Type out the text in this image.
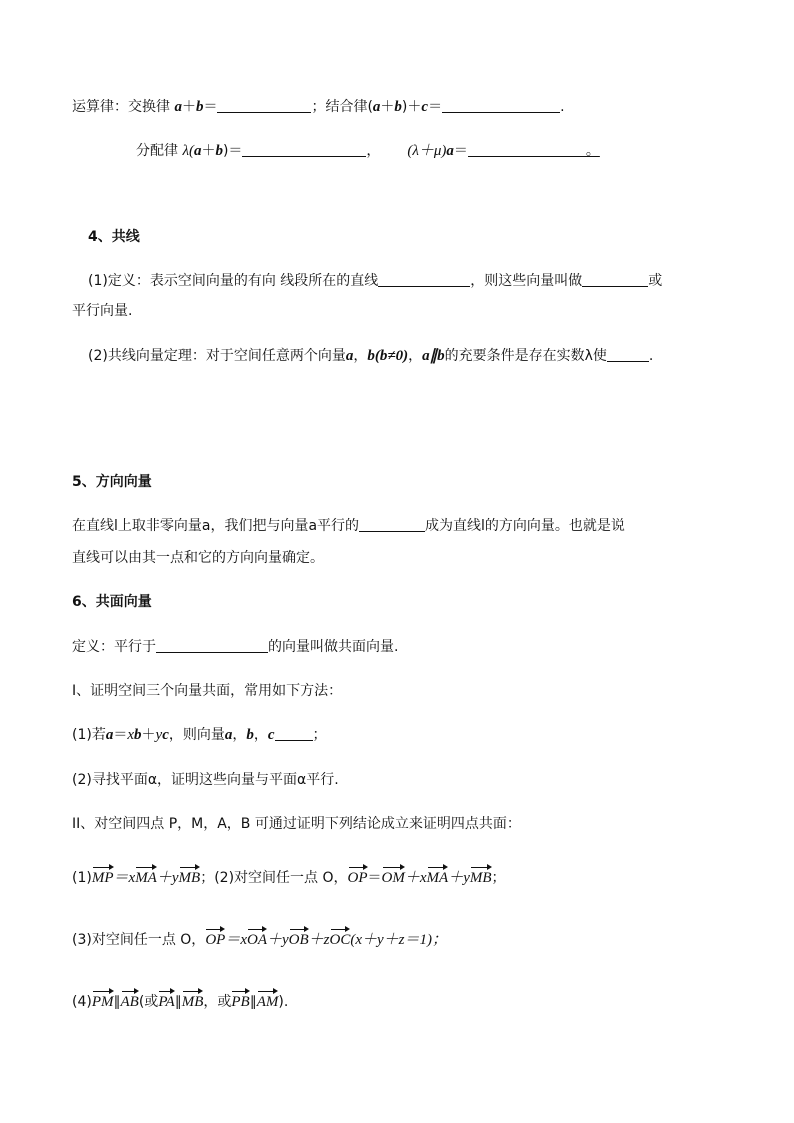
运算律：交换律 a＋b＝	；结合律(a＋b)＋c＝	.
分配律 λ(a＋b)＝	， (λ＋μ)a＝	。
4、共线
(1)定义：表示空间向量的有向 线段所在的直线	，则这些向量叫做	或
平行向量.
(2)共线向量定理：对于空间任意两个向量a，b(b≠0)，a∥b的充要条件是存在实数λ使	.
5、方向向量
在直线l上取非零向量a，我们把与向量a平行的	成为直线l的方向向量。也就是说
直线可以由其一点和它的方向向量确定。
6、共面向量
定义：平行于	的向量叫做共面向量.
I、证明空间三个向量共面，常用如下方法：
(1)若a＝xb＋yc，则向量a，b，c	；
(2)寻找平面α，证明这些向量与平面α平行.
II、对空间四点 P，M，A，B 可通过证明下列结论成立来证明四点共面：
(1)MP＝xMA＋yMB；(2)对空间任一点 O，OP＝OM＋xMA＋yMB；
(3)对空间任一点 O，OP＝xOA＋yOB＋zOC(x＋y＋z＝1)；
(4)PM∥AB(或PA∥MB，或PB∥AM).
